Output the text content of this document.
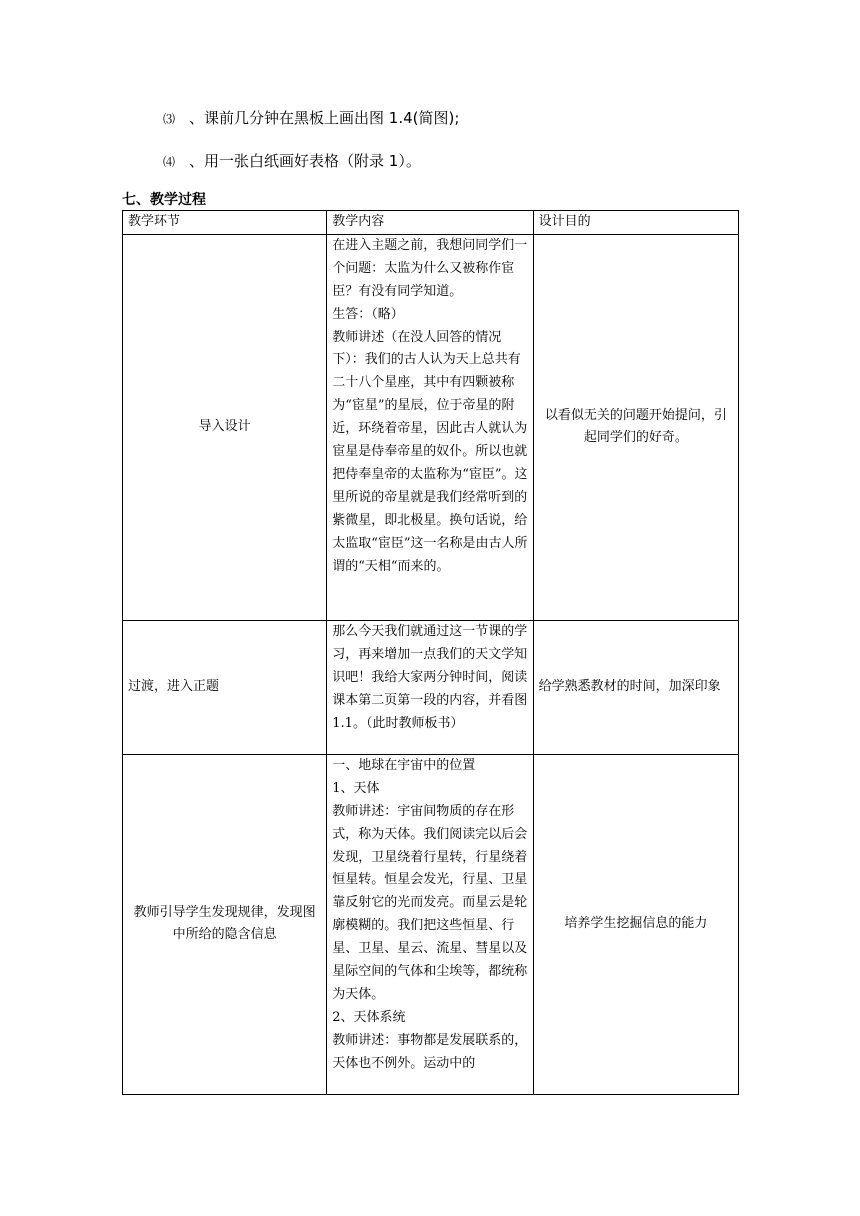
⑶ 、课前几分钟在黑板上画出图 1.4(简图);
⑷ 、用一张白纸画好表格（附录 1）。
七、教学过程
教学环节	教学内容	设计目的
导入设计	在进入主题之前，我想问同学们一个问题：太监为什么又被称作宦臣？有没有同学知道。
生答：（略）
教师讲述（在没人回答的情况下）：我们的古人认为天上总共有二十八个星座，其中有四颗被称为“宦星”的星辰，位于帝星的附近，环绕着帝星，因此古人就认为宦星是侍奉帝星的奴仆。所以也就把侍奉皇帝的太监称为“宦臣”。这里所说的帝星就是我们经常听到的紫微星，即北极星。换句话说，给太监取“宦臣”这一名称是由古人所谓的“天相“而来的。	以看似无关的问题开始提问，引起同学们的好奇。
过渡，进入正题	那么今天我们就通过这一节课的学习，再来增加一点我们的天文学知识吧！我给大家两分钟时间，阅读课本第二页第一段的内容，并看图 1.1。（此时教师板书）	给学熟悉教材的时间，加深印象
教师引导学生发现规律，发现图中所给的隐含信息	一、地球在宇宙中的位置
1、天体
教师讲述：宇宙间物质的存在形式，称为天体。我们阅读完以后会发现，卫星绕着行星转，行星绕着恒星转。恒星会发光，行星、卫星靠反射它的光而发亮。而星云是轮廓模糊的。我们把这些恒星、行星、卫星、星云、流星、彗星以及星际空间的气体和尘埃等，都统称为天体。
2、天体系统
教师讲述：事物都是发展联系的，天体也不例外。运动中的	培养学生挖掘信息的能力
